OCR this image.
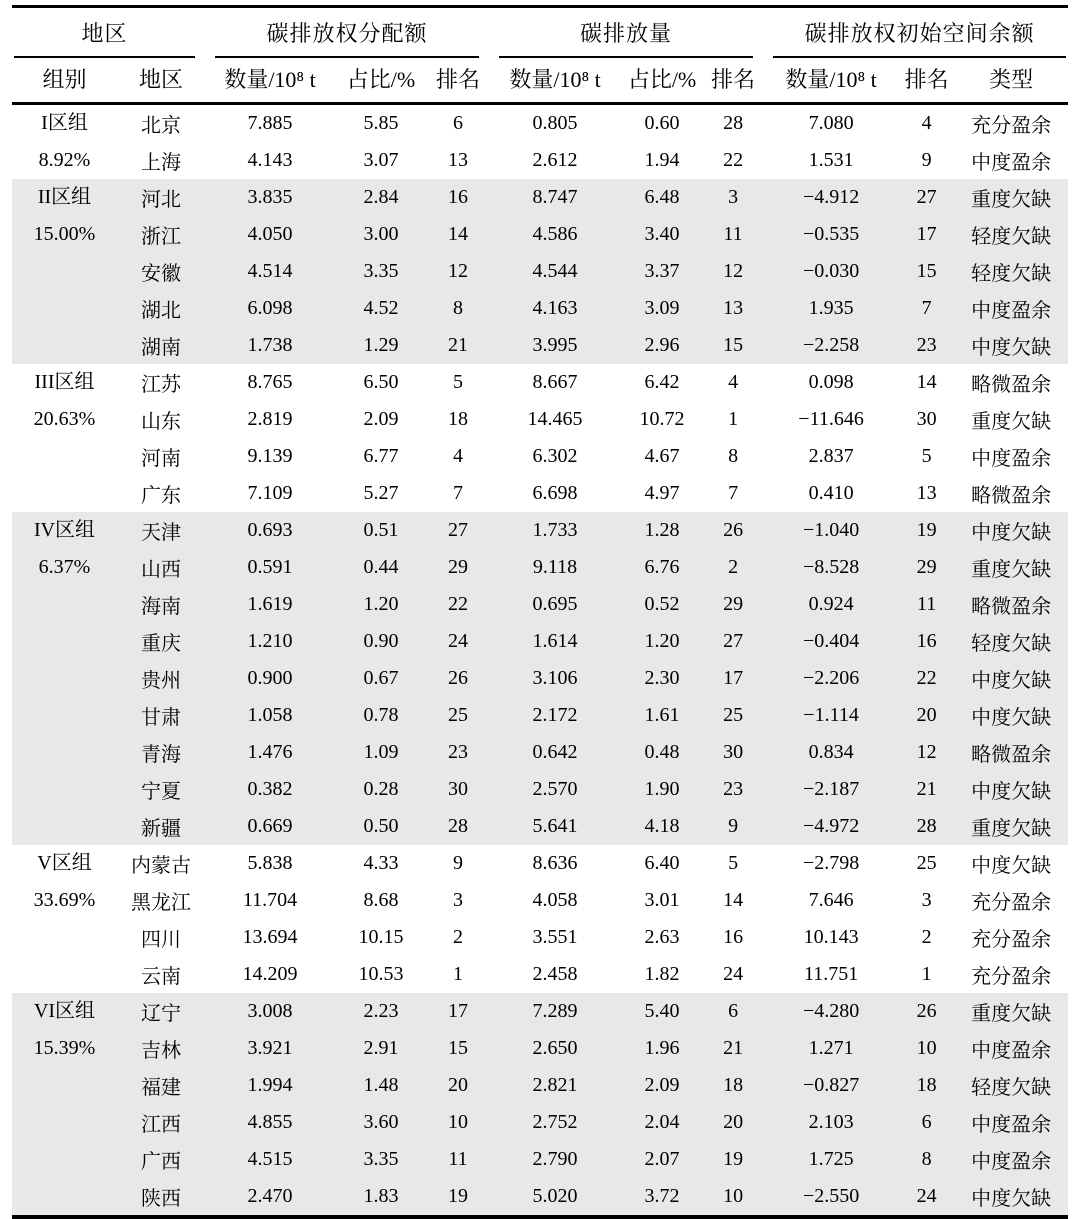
地区		碳排放权分配额			碳排放量			碳排放权初始空间余额		

组别	地区	数量/10⁸ t	占比/%	排名	数量/10⁸ t	占比/%	排名	数量/10⁸ t	排名	类型

I区组
8.92%	北京	7.885	5.85	6	0.805	0.60	28	7.080	4	充分盈余
	上海	4.143	3.07	13	2.612	1.94	22	1.531	9	中度盈余

II区组
15.00%	河北	3.835	2.84	16	8.747	6.48	3	−4.912	27	重度欠缺
	浙江	4.050	3.00	14	4.586	3.40	11	−0.535	17	轻度欠缺
	安徽	4.514	3.35	12	4.544	3.37	12	−0.030	15	轻度欠缺
	湖北	6.098	4.52	8	4.163	3.09	13	1.935	7	中度盈余
	湖南	1.738	1.29	21	3.995	2.96	15	−2.258	23	中度欠缺

III区组
20.63%	江苏	8.765	6.50	5	8.667	6.42	4	0.098	14	略微盈余
	山东	2.819	2.09	18	14.465	10.72	1	−11.646	30	重度欠缺
	河南	9.139	6.77	4	6.302	4.67	8	2.837	5	中度盈余
	广东	7.109	5.27	7	6.698	4.97	7	0.410	13	略微盈余

IV区组
6.37%	天津	0.693	0.51	27	1.733	1.28	26	−1.040	19	中度欠缺
	山西	0.591	0.44	29	9.118	6.76	2	−8.528	29	重度欠缺
	海南	1.619	1.20	22	0.695	0.52	29	0.924	11	略微盈余
	重庆	1.210	0.90	24	1.614	1.20	27	−0.404	16	轻度欠缺
	贵州	0.900	0.67	26	3.106	2.30	17	−2.206	22	中度欠缺
	甘肃	1.058	0.78	25	2.172	1.61	25	−1.114	20	中度欠缺
	青海	1.476	1.09	23	0.642	0.48	30	0.834	12	略微盈余
	宁夏	0.382	0.28	30	2.570	1.90	23	−2.187	21	中度欠缺
	新疆	0.669	0.50	28	5.641	4.18	9	−4.972	28	重度欠缺

V区组
33.69%	内蒙古	5.838	4.33	9	8.636	6.40	5	−2.798	25	中度欠缺
	黑龙江	11.704	8.68	3	4.058	3.01	14	7.646	3	充分盈余
	四川	13.694	10.15	2	3.551	2.63	16	10.143	2	充分盈余
	云南	14.209	10.53	1	2.458	1.82	24	11.751	1	充分盈余

VI区组
15.39%	辽宁	3.008	2.23	17	7.289	5.40	6	−4.280	26	重度欠缺
	吉林	3.921	2.91	15	2.650	1.96	21	1.271	10	中度盈余
	福建	1.994	1.48	20	2.821	2.09	18	−0.827	18	轻度欠缺
	江西	4.855	3.60	10	2.752	2.04	20	2.103	6	中度盈余
	广西	4.515	3.35	11	2.790	2.07	19	1.725	8	中度盈余
	陕西	2.470	1.83	19	5.020	3.72	10	−2.550	24	中度欠缺
